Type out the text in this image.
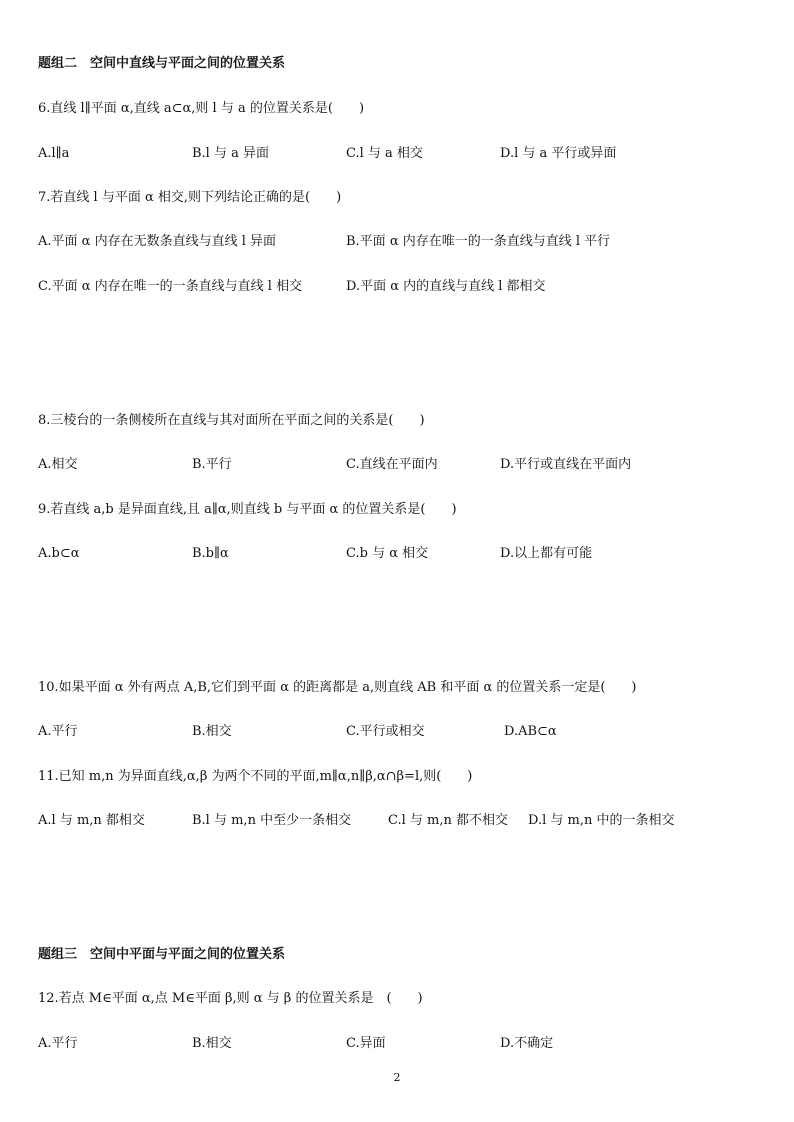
题组二　空间中直线与平面之间的位置关系
6.直线 l∥平面 α,直线 a⊂α,则 l 与 a 的位置关系是(　　)
A.l∥a	B.l 与 a 异面	C.l 与 a 相交	D.l 与 a 平行或异面
7.若直线 l 与平面 α 相交,则下列结论正确的是(　　)
A.平面 α 内存在无数条直线与直线 l 异面	B.平面 α 内存在唯一的一条直线与直线 l 平行
C.平面 α 内存在唯一的一条直线与直线 l 相交	D.平面 α 内的直线与直线 l 都相交
8.三棱台的一条侧棱所在直线与其对面所在平面之间的关系是(　　)
A.相交	B.平行	C.直线在平面内	D.平行或直线在平面内
9.若直线 a,b 是异面直线,且 a∥α,则直线 b 与平面 α 的位置关系是(　　)
A.b⊂α	B.b∥α	C.b 与 α 相交	D.以上都有可能
10.如果平面 α 外有两点 A,B,它们到平面 α 的距离都是 a,则直线 AB 和平面 α 的位置关系一定是(　　)
A.平行	B.相交	C.平行或相交	D.AB⊂α
11.已知 m,n 为异面直线,α,β 为两个不同的平面,m∥α,n∥β,α∩β=l,则(　　)
A.l 与 m,n 都相交	B.l 与 m,n 中至少一条相交	C.l 与 m,n 都不相交 D.l 与 m,n 中的一条相交
题组三　空间中平面与平面之间的位置关系
12.若点 M∈平面 α,点 M∈平面 β,则 α 与 β 的位置关系是　(　　)
A.平行	B.相交	C.异面	D.不确定
2
